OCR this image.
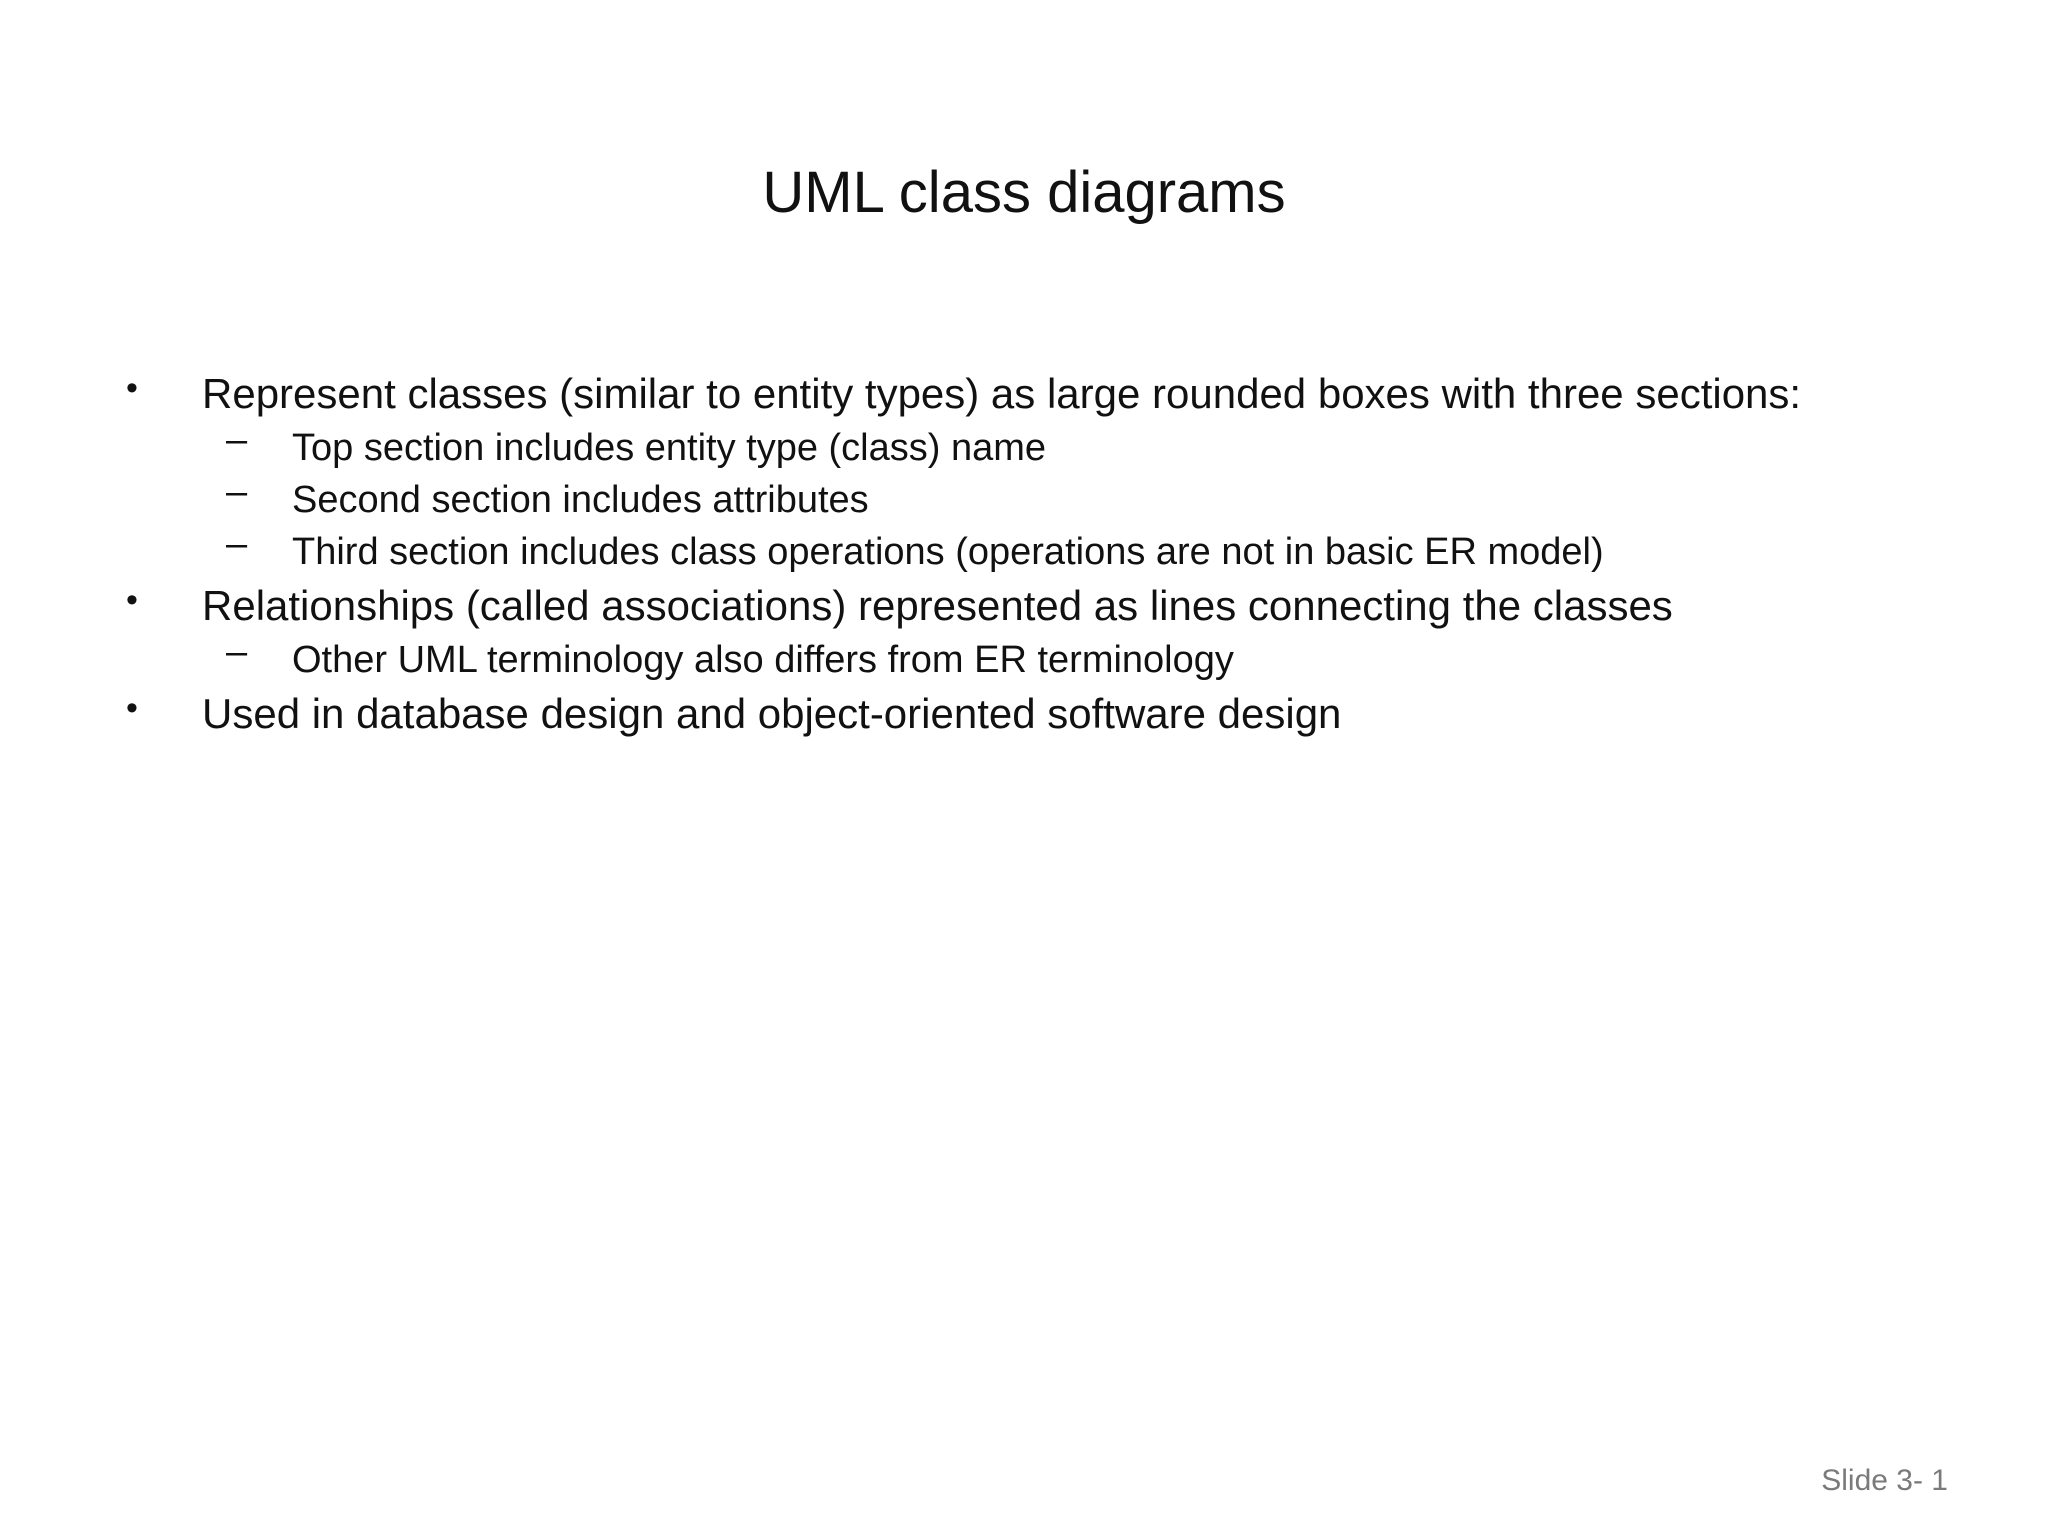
UML class diagrams
• Represent classes (similar to entity types) as large rounded boxes with three sections:
– Top section includes entity type (class) name
– Second section includes attributes
– Third section includes class operations (operations are not in basic ER model)
• Relationships (called associations) represented as lines connecting the classes
– Other UML terminology also differs from ER terminology
• Used in database design and object-oriented software design
Slide 3- 1
